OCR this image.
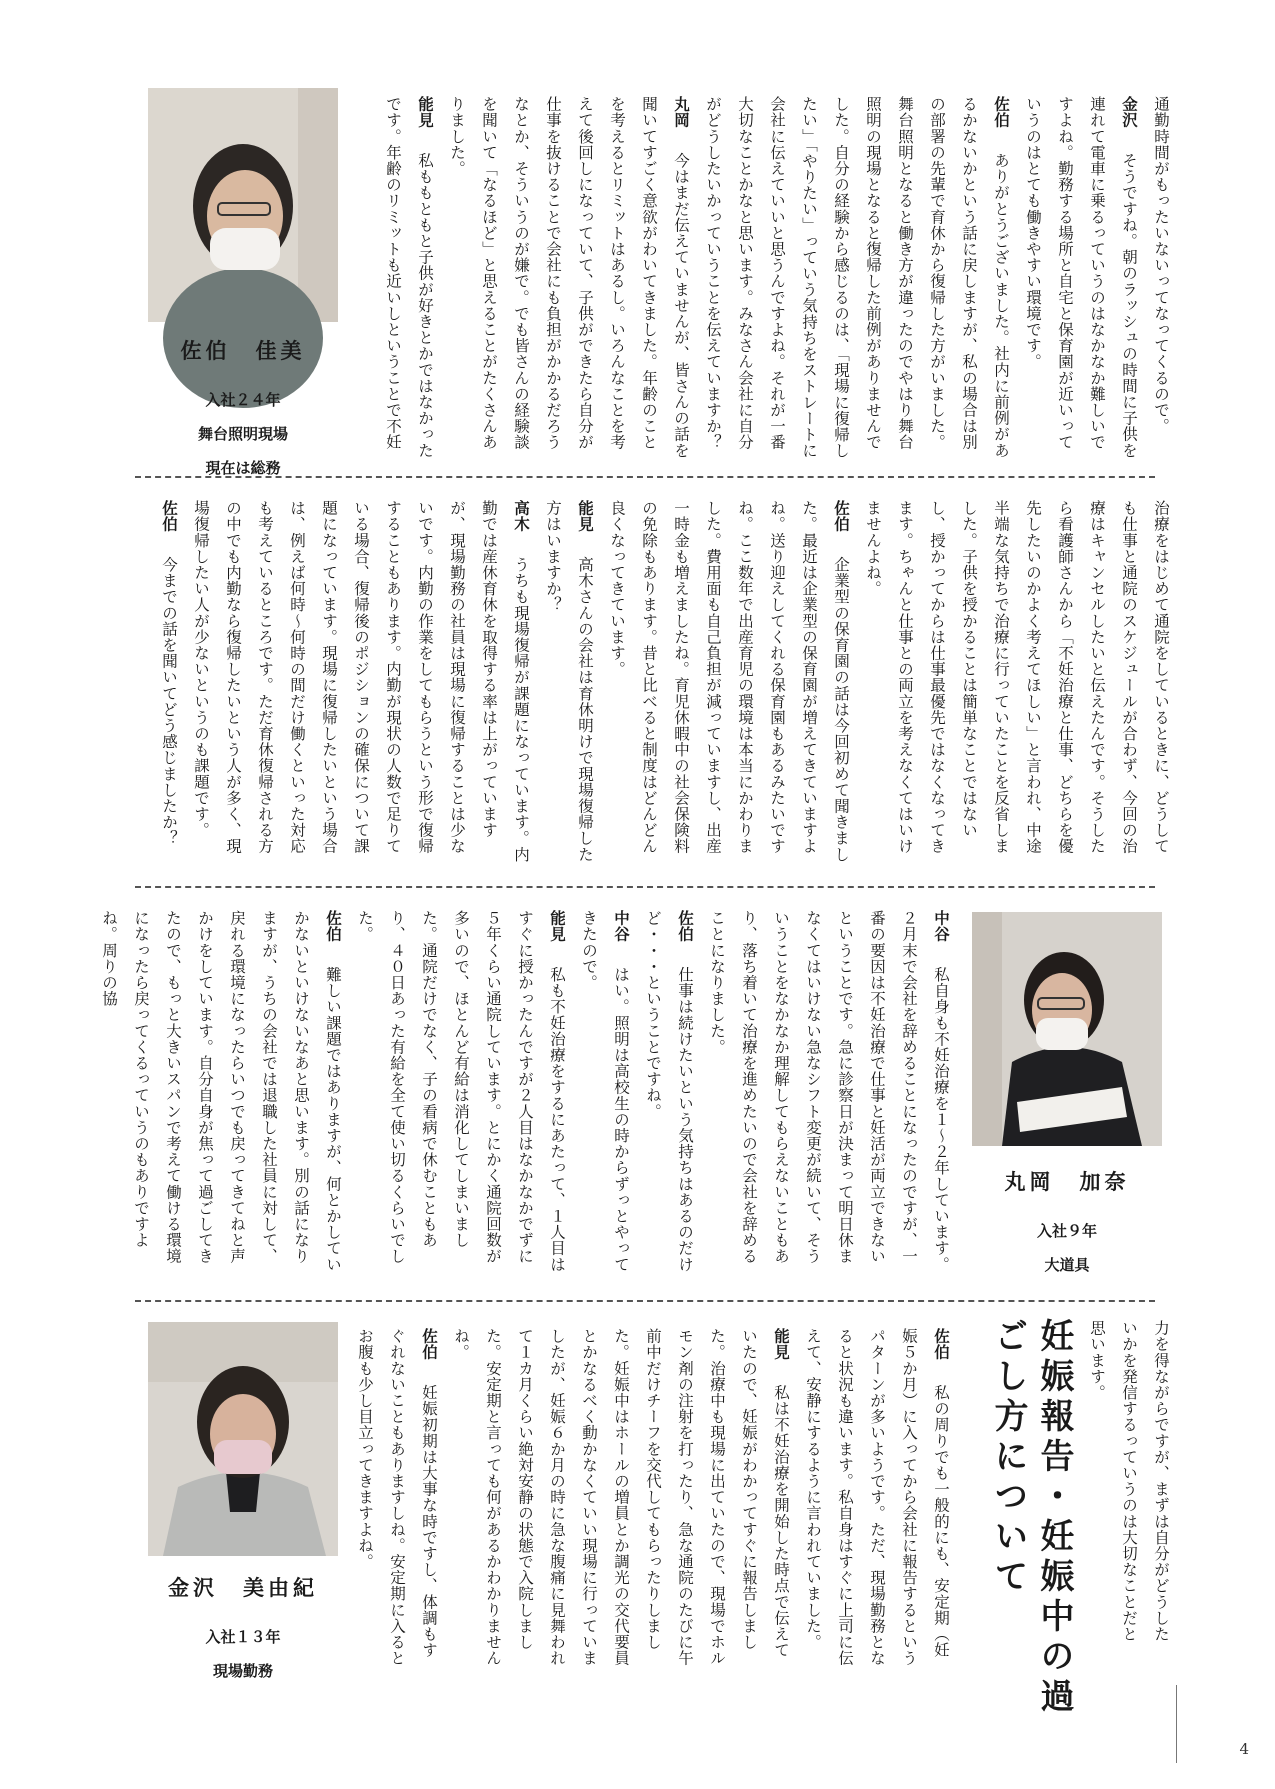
佐伯　佳美
入社２４年
舞台照明現場
現在は総務

通勤時間がもったいないってなってくるので。

金沢　そうですね。朝のラッシュの時間に子供を連れて電車に乗るっていうのはなかなか難しいですよね。勤務する場所と自宅と保育園が近いっていうのはとても働きやすい環境です。

佐伯　ありがとうございました。社内に前例があるかないかという話に戻しますが、私の場合は別の部署の先輩で育休から復帰した方がいました。舞台照明となると働き方が違ったのでやはり舞台照明の現場となると復帰した前例がありませんでした。自分の経験から感じるのは、「現場に復帰したい」「やりたい」っていう気持ちをストレートに会社に伝えていいと思うんですよね。それが一番大切なことかなと思います。みなさん会社に自分がどうしたいかっていうことを伝えていますか？

丸岡　今はまだ伝えていませんが、皆さんの話を聞いてすごく意欲がわいてきました。年齢のことを考えるとリミットはあるし。いろんなことを考えて後回しになっていて、子供ができたら自分が仕事を抜けることで会社にも負担がかかるだろうなとか、そういうのが嫌で。でも皆さんの経験談を聞いて「なるほど」と思えることがたくさんありました。

能見　私ももともと子供が好きとかではなかったです。年齢のリミットも近いしということで不妊

治療をはじめて通院をしているときに、どうしても仕事と通院のスケジュールが合わず、今回の治療はキャンセルしたいと伝えたんです。そうしたら看護師さんから「不妊治療と仕事、どちらを優先したいのかよく考えてほしい」と言われ、中途半端な気持ちで治療に行っていたことを反省しました。子供を授かることは簡単なことではないし、授かってからは仕事最優先ではなくなってきます。ちゃんと仕事との両立を考えなくてはいけませんよね。

佐伯　企業型の保育園の話は今回初めて聞きました。最近は企業型の保育園が増えてきていますよね。送り迎えしてくれる保育園もあるみたいですね。ここ数年で出産育児の環境は本当にかわりました。費用面も自己負担が減っていますし、出産一時金も増えましたね。育児休暇中の社会保険料の免除もあります。昔と比べると制度はどんどん良くなってきています。

能見　高木さんの会社は育休明けで現場復帰した方はいますか？

高木　うちも現場復帰が課題になっています。内勤では産休育休を取得する率は上がっていますが、現場勤務の社員は現場に復帰することは少ないです。内勤の作業をしてもらうという形で復帰することもあります。内勤が現状の人数で足りている場合、復帰後のポジションの確保について課題になっています。現場に復帰したいという場合は、例えば何時～何時の間だけ働くといった対応も考えているところです。ただ育休復帰される方の中でも内勤なら復帰したいという人が多く、現場復帰したい人が少ないというのも課題です。

佐伯　今までの話を聞いてどう感じましたか？

丸岡　加奈
入社９年
大道具

中谷　私自身も不妊治療を１～２年しています。２月末で会社を辞めることになったのですが、一番の要因は不妊治療で仕事と妊活が両立できないということです。急に診察日が決まって明日休まなくてはいけない急なシフト変更が続いて、そういうことをなかなか理解してもらえないこともあり、落ち着いて治療を進めたいので会社を辞めることになりました。

佐伯　仕事は続けたいという気持ちはあるのだけど・・・ということですね。

中谷　はい。照明は高校生の時からずっとやってきたので。

能見　私も不妊治療をするにあたって、１人目はすぐに授かったんですが２人目はなかなかでずに５年くらい通院しています。とにかく通院回数が多いので、ほとんど有給は消化してしまいました。通院だけでなく、子の看病で休むこともあり、４０日あった有給を全て使い切るくらいでした。

佐伯　難しい課題ではありますが、何とかしていかないといけないなあと思います。別の話になりますが、うちの会社では退職した社員に対して、戻れる環境になったらいつでも戻ってきてねと声かけをしています。自分自身が焦って過ごしてきたので、もっと大きいスパンで考えて働ける環境になったら戻ってくるっていうのもありですよね。周りの協

力を得ながらですが、まずは自分がどうしたいかを発信するっていうのは大切なことだと思います。

妊娠報告・妊娠中の過 ごし方について

佐伯　私の周りでも一般的にも、安定期（妊娠５か月）に入ってから会社に報告するというパターンが多いようです。ただ、現場勤務となると状況も違います。私自身はすぐに上司に伝えて、安静にするように言われていました。

能見　私は不妊治療を開始した時点で伝えていたので、妊娠がわかってすぐに報告しました。治療中も現場に出ていたので、現場でホルモン剤の注射を打ったり、急な通院のたびに午前中だけチーフを交代してもらったりしました。妊娠中はホールの増員とか調光の交代要員とかなるべく動かなくていい現場に行っていましたが、妊娠６か月の時に急な腹痛に見舞われて１カ月くらい絶対安静の状態で入院しました。安定期と言っても何があるかわかりませんね。

佐伯　妊娠初期は大事な時ですし、体調もすぐれないこともありますしね。安定期に入るとお腹も少し目立ってきますよね。

金沢　美由紀
入社１３年
現場勤務
4
